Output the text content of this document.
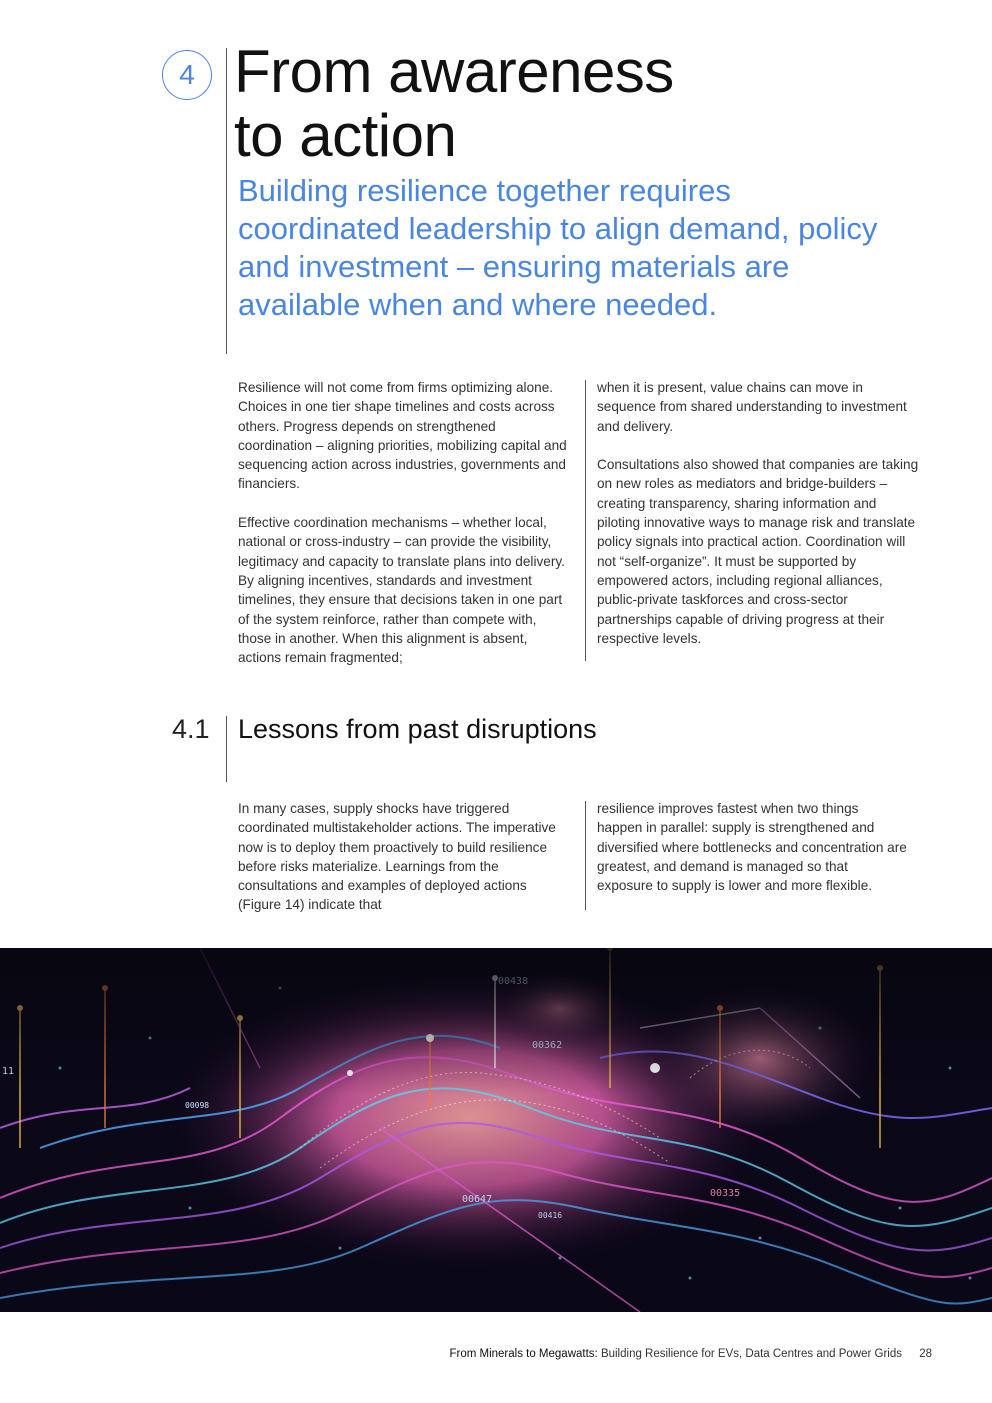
4 From awareness
to action

Building resilience together requires coordinated leadership to align demand, policy and investment – ensuring materials are available when and where needed.

Resilience will not come from firms optimizing alone. Choices in one tier shape timelines and costs across others. Progress depends on strengthened coordination – aligning priorities, mobilizing capital and sequencing action across industries, governments and financiers.

Effective coordination mechanisms – whether local, national or cross-industry – can provide the visibility, legitimacy and capacity to translate plans into delivery. By aligning incentives, standards and investment timelines, they ensure that decisions taken in one part of the system reinforce, rather than compete with, those in another. When this alignment is absent, actions remain fragmented;

when it is present, value chains can move in sequence from shared understanding to investment and delivery.

Consultations also showed that companies are taking on new roles as mediators and bridge-builders – creating transparency, sharing information and piloting innovative ways to manage risk and translate policy signals into practical action. Coordination will not “self-organize”. It must be supported by empowered actors, including regional alliances, public-private taskforces and cross-sector partnerships capable of driving progress at their respective levels.

4.1 Lessons from past disruptions

In many cases, supply shocks have triggered coordinated multistakeholder actions. The imperative now is to deploy them proactively to build resilience before risks materialize. Learnings from the consultations and examples of deployed actions (Figure 14) indicate that

resilience improves fastest when two things happen in parallel: supply is strengthened and diversified where bottlenecks and concentration are greatest, and demand is managed so that exposure to supply is lower and more flexible.

From Minerals to Megawatts: Building Resilience for EVs, Data Centres and Power Grids 28
